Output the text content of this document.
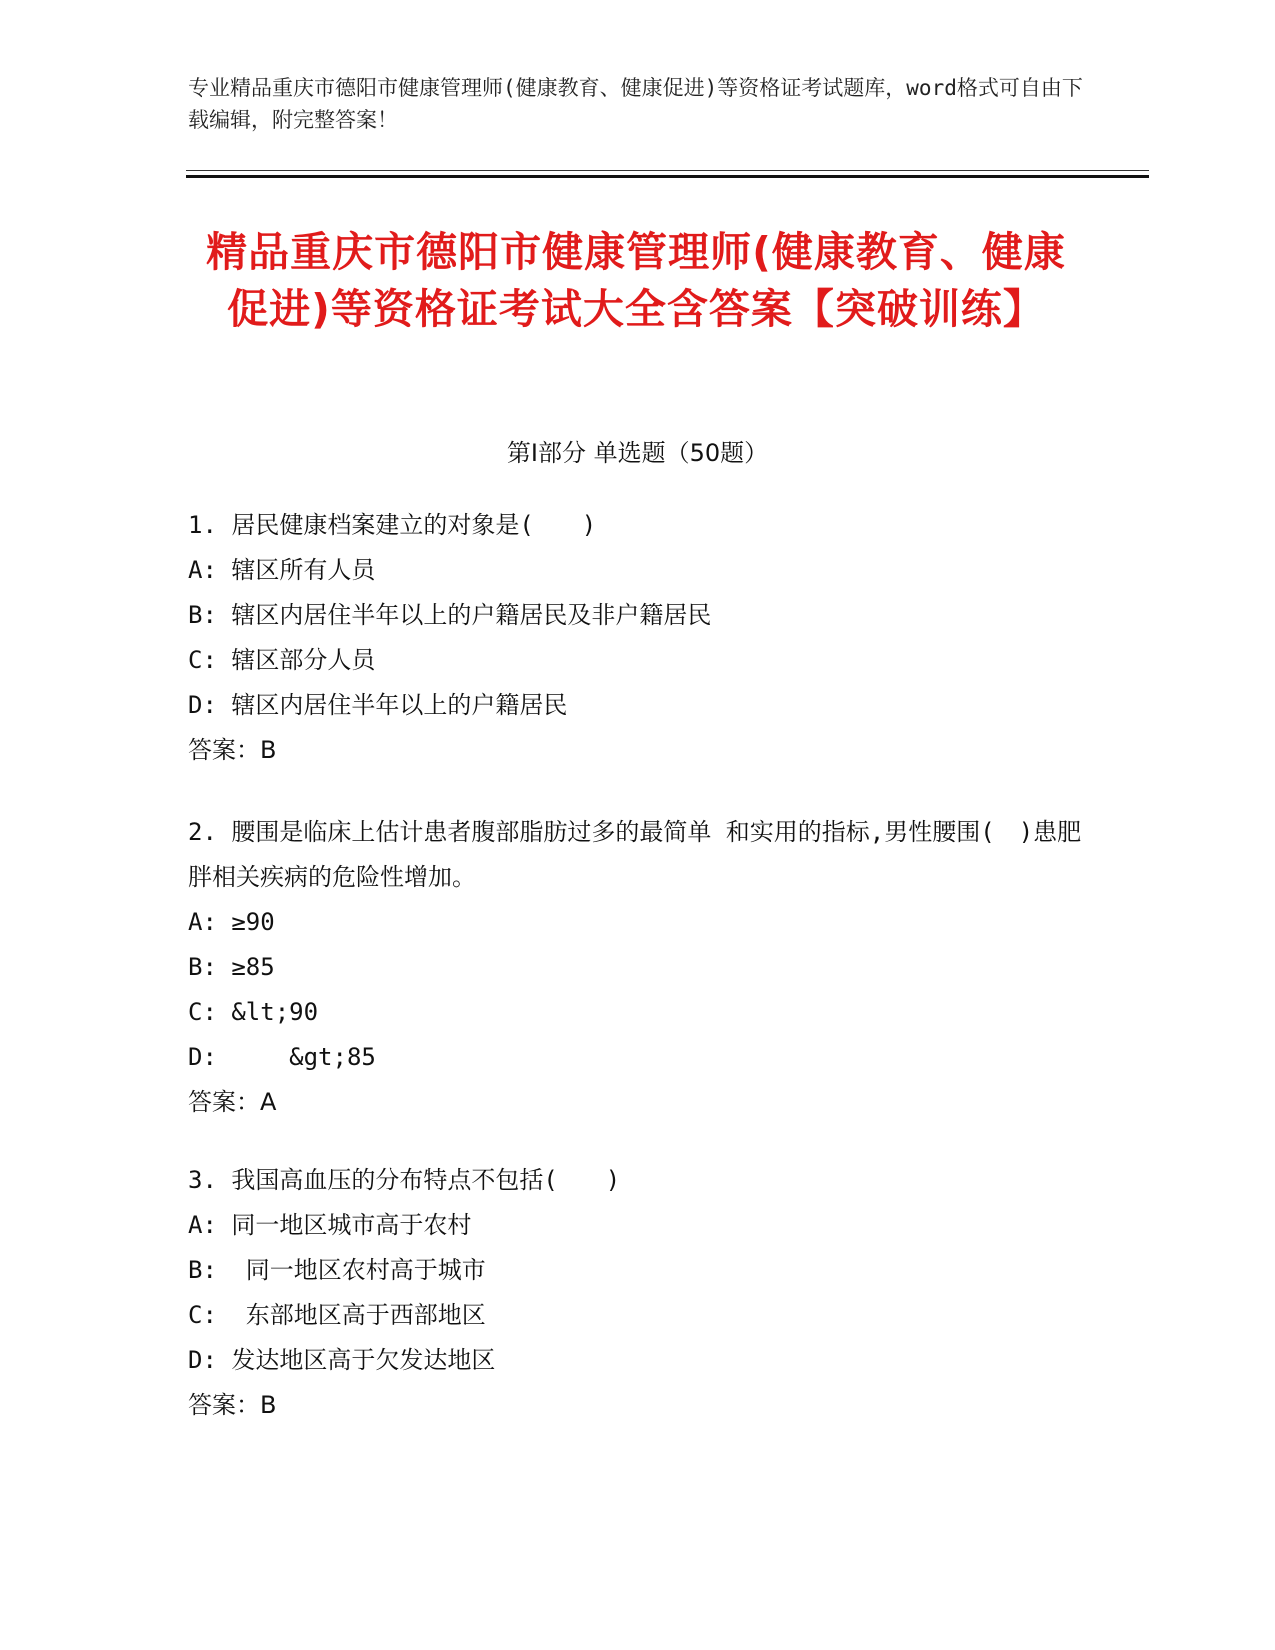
专业精品重庆市德阳市健康管理师(健康教育、健康促进)等资格证考试题库，word格式可自由下载编辑，附完整答案！
精品重庆市德阳市健康管理师(健康教育、健康促进)等资格证考试大全含答案【突破训练】
第Ⅰ部分 单选题（50题）
1. 居民健康档案建立的对象是(　　)
A: 辖区所有人员
B: 辖区内居住半年以上的户籍居民及非户籍居民
C: 辖区部分人员
D: 辖区内居住半年以上的户籍居民
答案：B
2. 腰围是临床上估计患者腹部脂肪过多的最简单 和实用的指标,男性腰围(　)患肥胖相关疾病的危险性增加。
A: ≥90
B: ≥85
C: &lt;90
D:     &gt;85
答案：A
3. 我国高血压的分布特点不包括(　　)
A: 同一地区城市高于农村
B:  同一地区农村高于城市
C:  东部地区高于西部地区
D: 发达地区高于欠发达地区
答案：B
